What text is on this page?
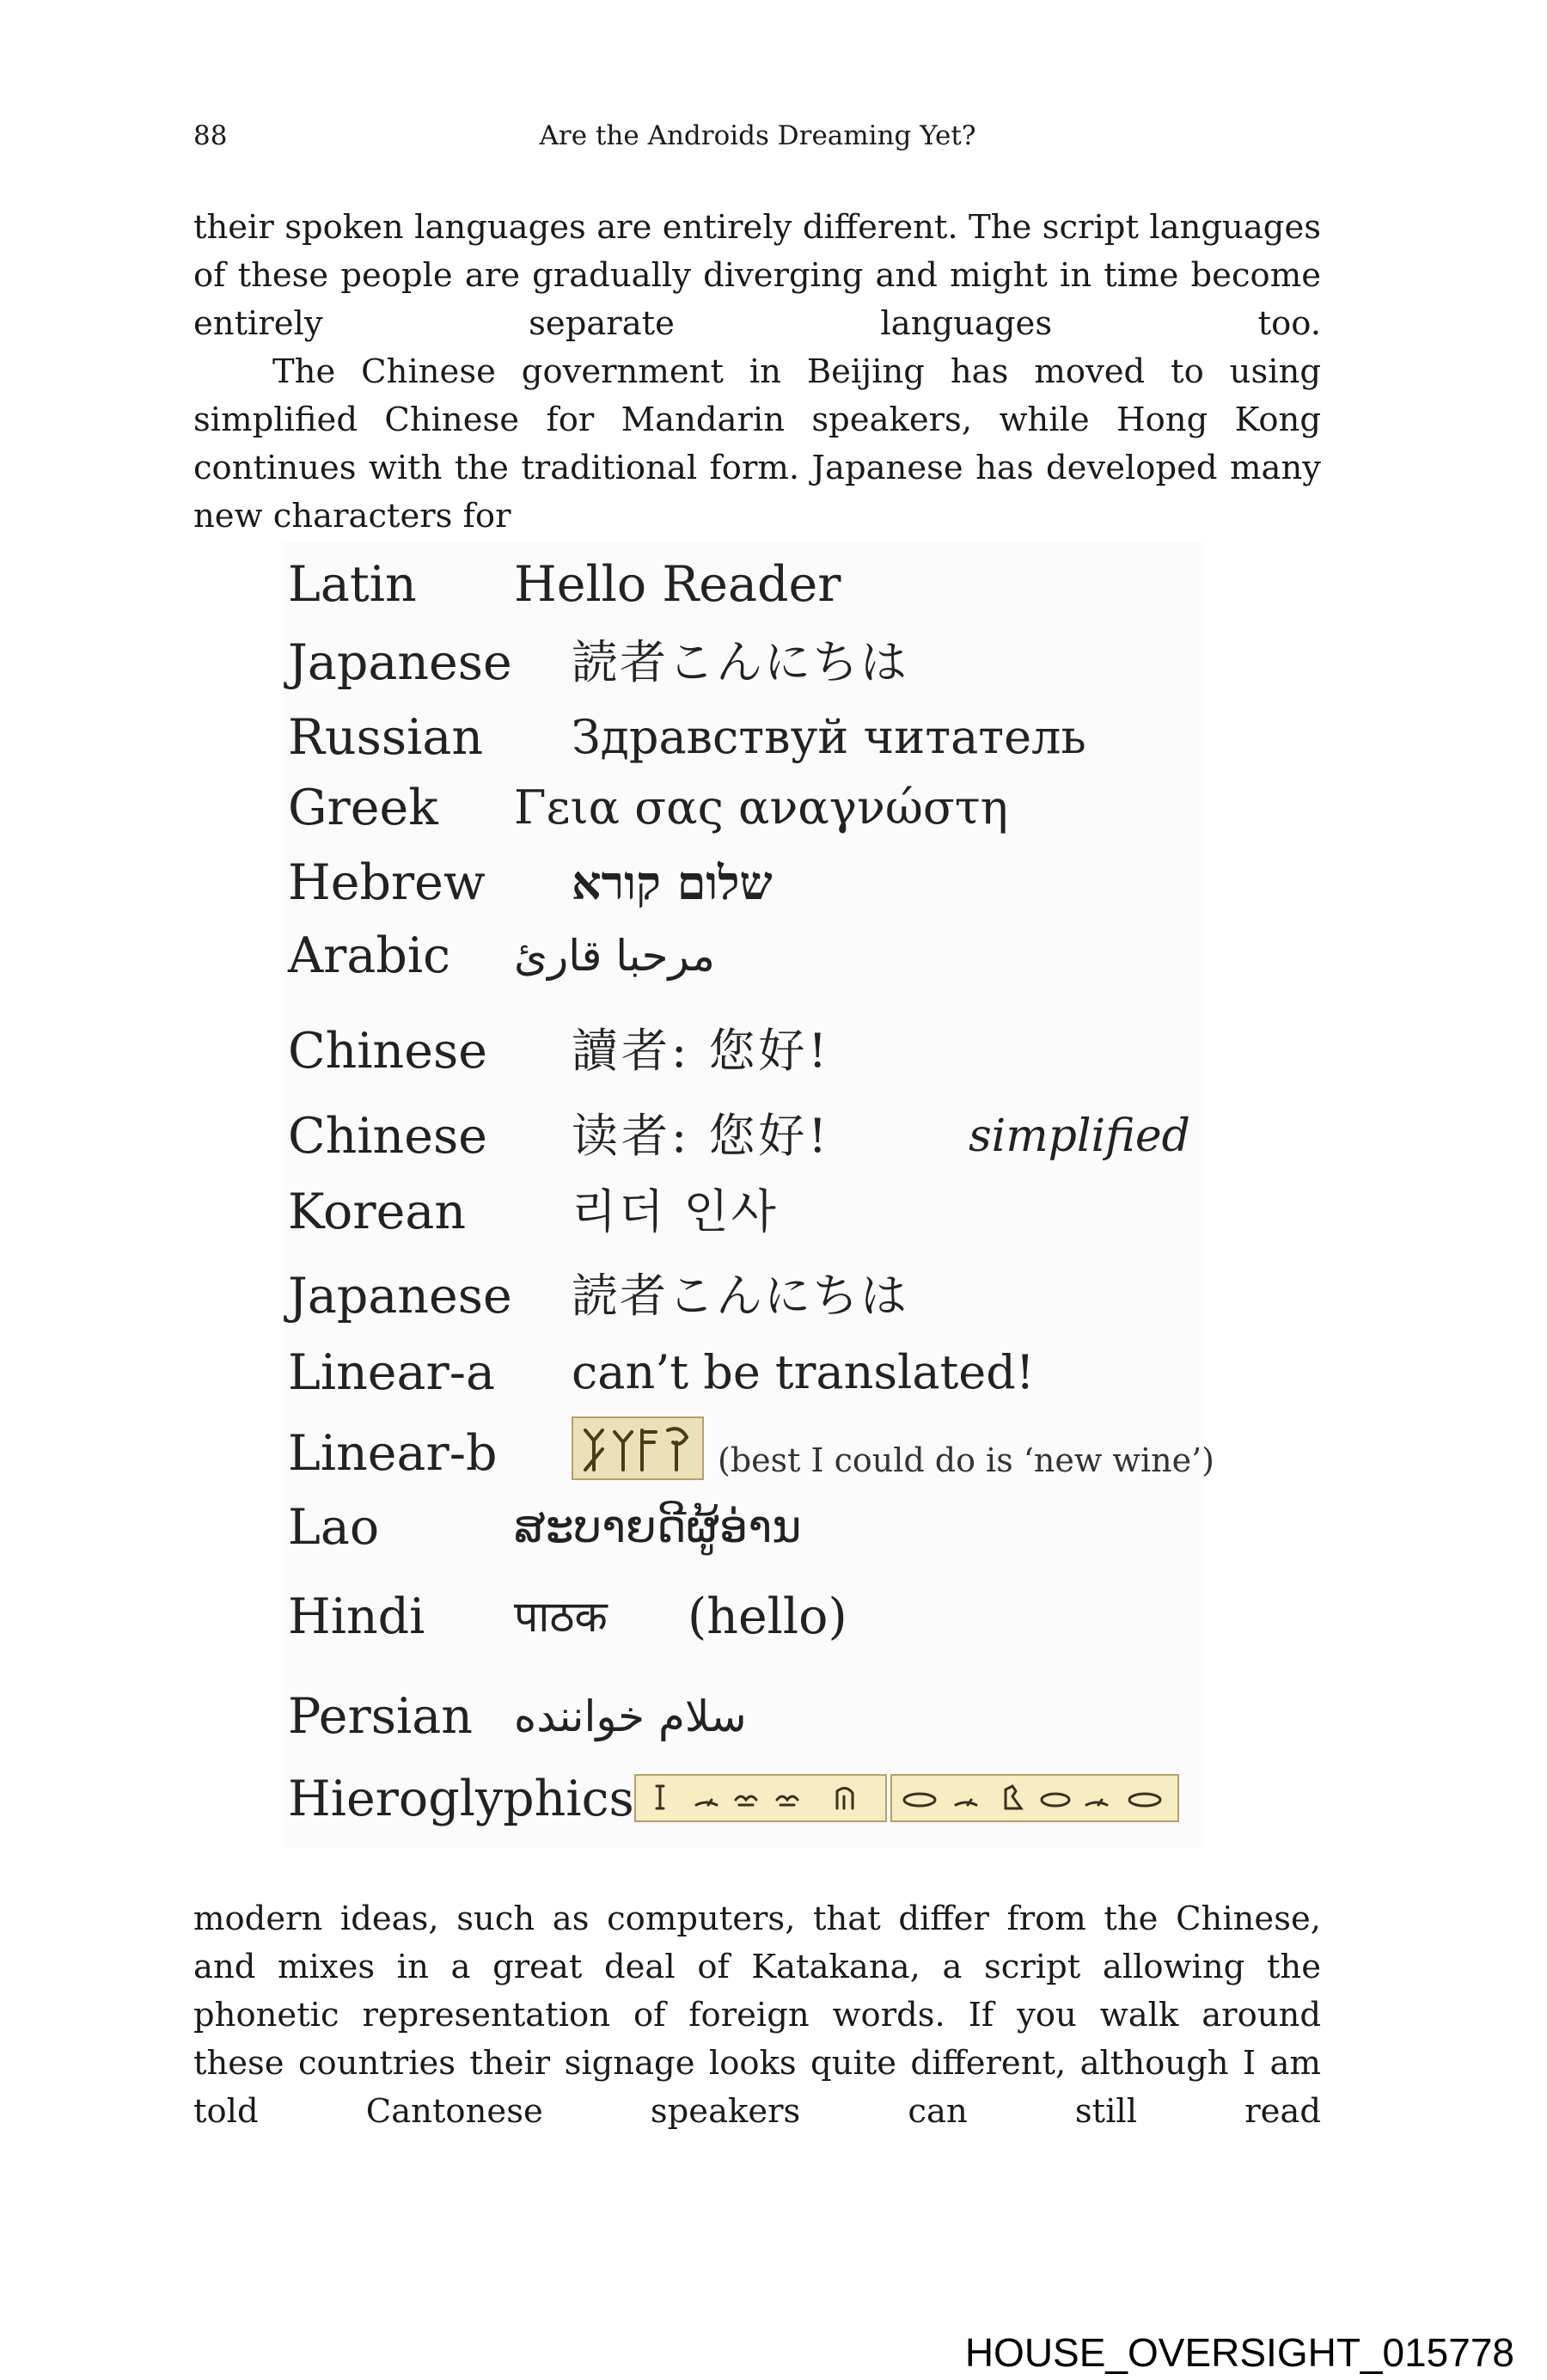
88	Are the Androids Dreaming Yet?

their spoken languages are entirely different. The script languages of these people are gradually diverging and might in time become entirely separate languages too.

The Chinese government in Beijing has moved to using simplified Chinese for Mandarin speakers, while Hong Kong continues with the traditional form. Japanese has developed many new characters for

Latin Hello Reader
Japanese 読者こんにちは
Russian Здравствуй читатель
Greek Γεια σας αναγνώστη
Hebrew שלום קורא
Arabic مرحبا قارئ
Chinese 讀者: 您好!
Chinese 读者: 您好!	simplified
Korean 리더 인사
Japanese 読者こんにちは
Linear-a can’t be translated!
Linear-b	(best I could do is ‘new wine’)
Lao	ສະບາຍດີຜູ້ອ່ານ
Hindi पाठक (hello)
Persian سلام خواننده
Hieroglyphics

modern ideas, such as computers, that differ from the Chinese, and mixes in a great deal of Katakana, a script allowing the phonetic representation of foreign words. If you walk around these countries their signage looks quite different, although I am told Cantonese speakers can still read

HOUSE_OVERSIGHT_015778
